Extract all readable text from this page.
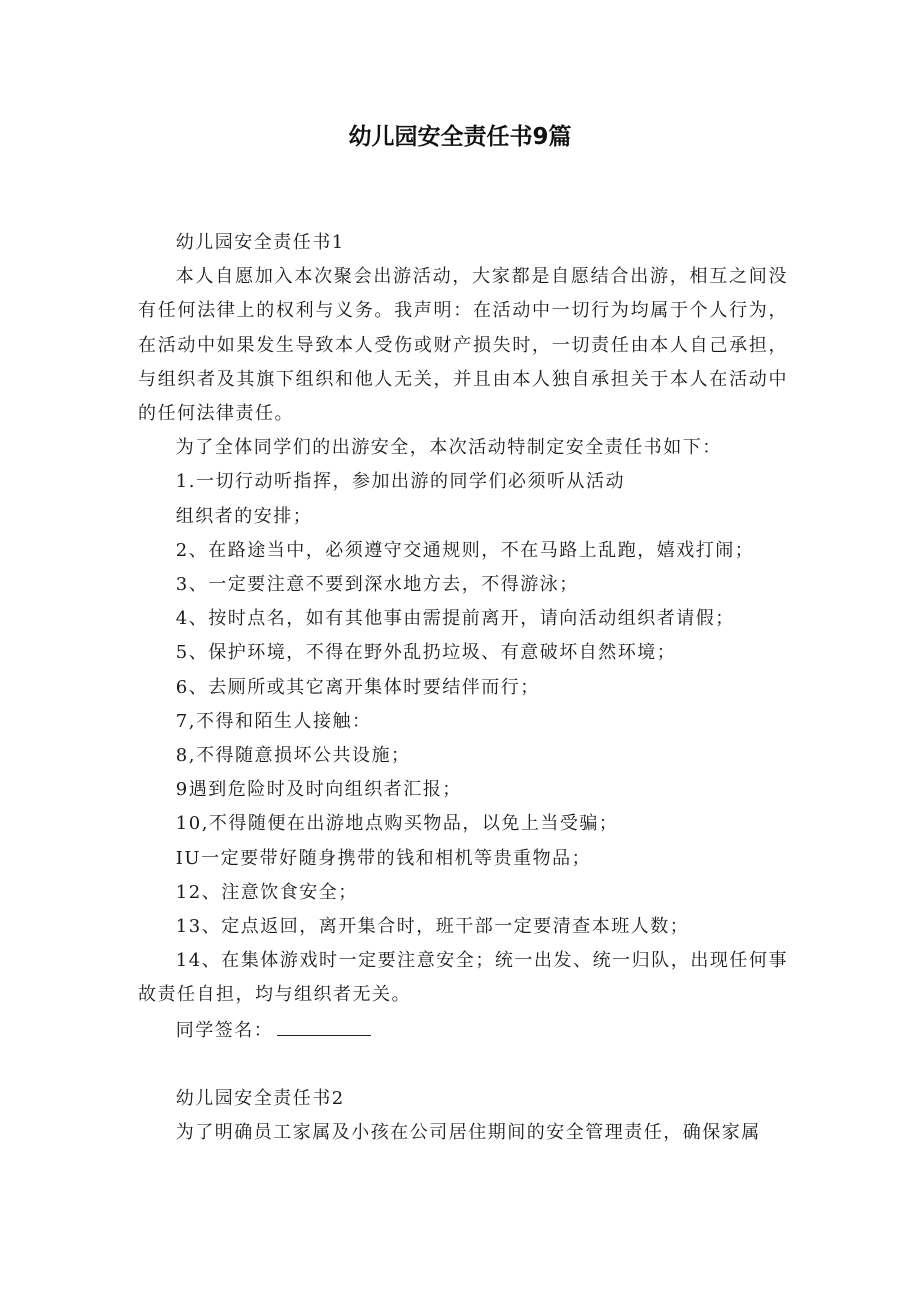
幼儿园安全责任书9篇

幼儿园安全责任书1

本人自愿加入本次聚会出游活动，大家都是自愿结合出游，相互之间没有任何法律上的权利与义务。我声明：在活动中一切行为均属于个人行为，在活动中如果发生导致本人受伤或财产损失时，一切责任由本人自己承担，与组织者及其旗下组织和他人无关，并且由本人独自承担关于本人在活动中的任何法律责任。

为了全体同学们的出游安全，本次活动特制定安全责任书如下：

1.一切行动听指挥，参加出游的同学们必须听从活动

组织者的安排；

2、在路途当中，必须遵守交通规则，不在马路上乱跑，嬉戏打闹；

3、一定要注意不要到深水地方去，不得游泳；

4、按时点名，如有其他事由需提前离开，请向活动组织者请假；

5、保护环境，不得在野外乱扔垃圾、有意破坏自然环境；

6、去厕所或其它离开集体时要结伴而行；

7,不得和陌生人接触：

8,不得随意损坏公共设施；

9遇到危险时及时向组织者汇报；

10,不得随便在出游地点购买物品，以免上当受骗；

IU一定要带好随身携带的钱和相机等贵重物品；

12、注意饮食安全；

13、定点返回，离开集合时，班干部一定要清查本班人数；

14、在集体游戏时一定要注意安全；统一出发、统一归队，出现任何事故责任自担，均与组织者无关。

同学签名：

幼儿园安全责任书2

为了明确员工家属及小孩在公司居住期间的安全管理责任，确保家属
